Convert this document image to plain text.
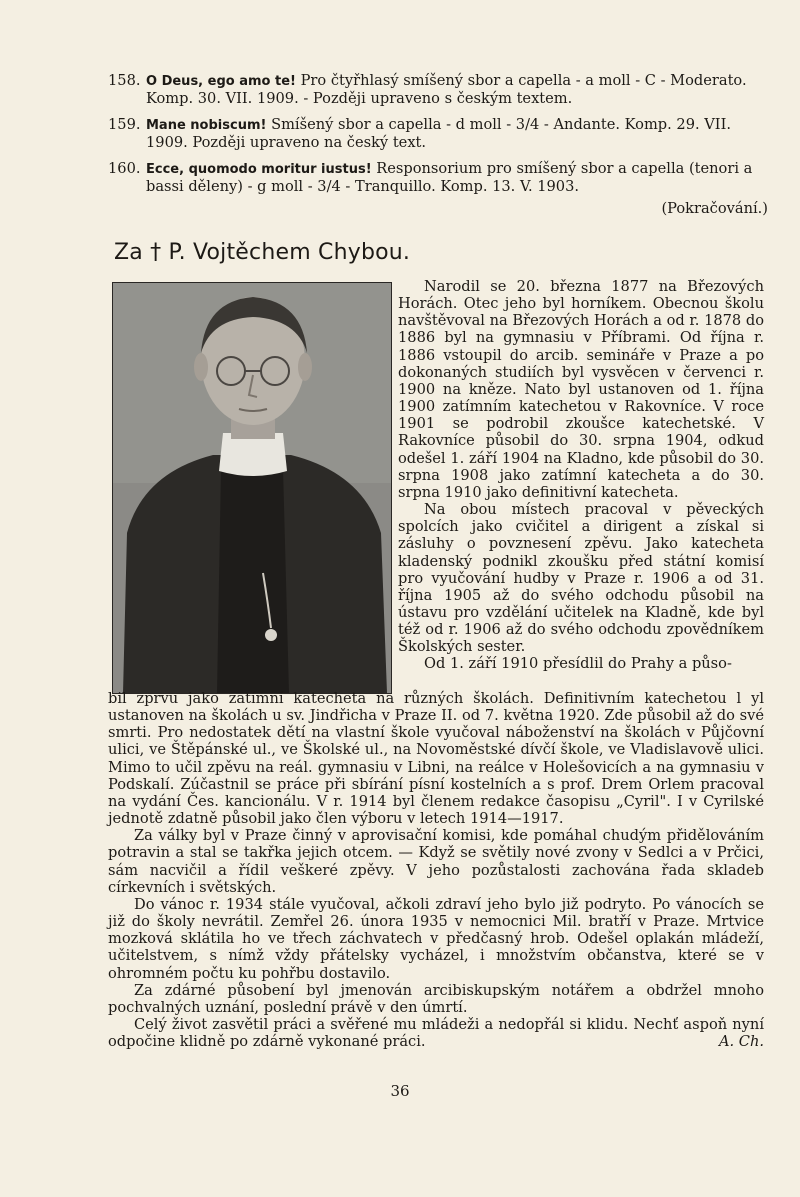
158. O Deus, ego amo te! Pro čtyřhlasý smíšený sbor a capella - a moll - C - Moderato. Komp. 30. VII. 1909. - Později upraveno s českým textem.
159. Mane nobiscum! Smíšený sbor a capella - d moll - 3/4 - Andante. Komp. 29. VII. 1909. Později upraveno na český text.
160. Ecce, quomodo moritur iustus! Responsorium pro smíšený sbor a capella (tenori a bassi děleny) - g moll - 3/4 - Tranquillo. Komp. 13. V. 1903.
(Pokračování.)
Za † P. Vojtěchem Chybou.

Narodil se 20. března 1877 na Březových Horách. Otec jeho byl horníkem. Obecnou školu navštěvoval na Březových Horách a od r. 1878 do 1886 byl na gymnasiu v Příbrami. Od října r. 1886 vstoupil do arcib. semináře v Praze a po dokonaných studiích byl vysvěcen v červenci r. 1900 na kněze. Nato byl ustanoven od 1. října 1900 zatímním katechetou v Rakovníce. V roce 1901 se podrobil zkoušce katechetské. V Rakovníce působil do 30. srpna 1904, odkud odešel 1. září 1904 na Kladno, kde působil do 30. srpna 1908 jako zatímní katecheta a do 30. srpna 1910 jako definitivní katecheta.

Na obou místech pracoval v pěveckých spolcích jako cvičitel a dirigent a získal si zásluhy o povznesení zpěvu. Jako katecheta kladenský podnikl zkoušku před státní komisí pro vyučování hudby v Praze r. 1906 a od 31. října 1905 až do svého odchodu působil na ústavu pro vzdělání učitelek na Kladně, kde byl též od r. 1906 až do svého odchodu zpovědníkem Školských sester.

Od 1. září 1910 přesídlil do Prahy a půso-

bil zprvu jako zatímní katecheta na různých školách. Definitivním katechetou l yl ustanoven na školách u sv. Jindřicha v Praze II. od 7. května 1920. Zde působil až do své smrti. Pro nedostatek dětí na vlastní škole vyučoval náboženství na školách v Půjčovní ulici, ve Štěpánské ul., ve Školské ul., na Novoměstské dívčí škole, ve Vladislavově ulici. Mimo to učil zpěvu na reál. gymnasiu v Libni, na reálce v Holešovicích a na gymnasiu v Podskalí. Zúčastnil se práce při sbírání písní kostelních a s prof. Drem Orlem pracoval na vydání Čes. kancionálu. V r. 1914 byl členem redakce časopisu „Cyril". I v Cyrilské jednotě zdatně působil jako člen výboru v letech 1914—1917.

Za války byl v Praze činný v aprovisační komisi, kde pomáhal chudým přidělováním potravin a stal se takřka jejich otcem. — Když se světily nové zvony v Sedlci a v Prčici, sám nacvičil a řídil veškeré zpěvy. V jeho pozůstalosti zachována řada skladeb církevních i světských.

Do vánoc r. 1934 stále vyučoval, ačkoli zdraví jeho bylo již podryto. Po vánocích se již do školy nevrátil. Zemřel 26. února 1935 v nemocnici Mil. bratří v Praze. Mrtvice mozková sklátila ho ve třech záchvatech v předčasný hrob. Odešel oplakán mládeží, učitelstvem, s nímž vždy přátelsky vycházel, i množstvím občanstva, které se v ohromném počtu ku pohřbu dostavilo.

Za zdárné působení byl jmenován arcibiskupským notářem a obdržel mnoho pochvalných uznání, poslední právě v den úmrtí.

Celý život zasvětil práci a svěřené mu mládeži a nedopřál si klidu. Nechť aspoň nyní odpočine klidně po zdárně vykonané práci.	A. Ch.

36
